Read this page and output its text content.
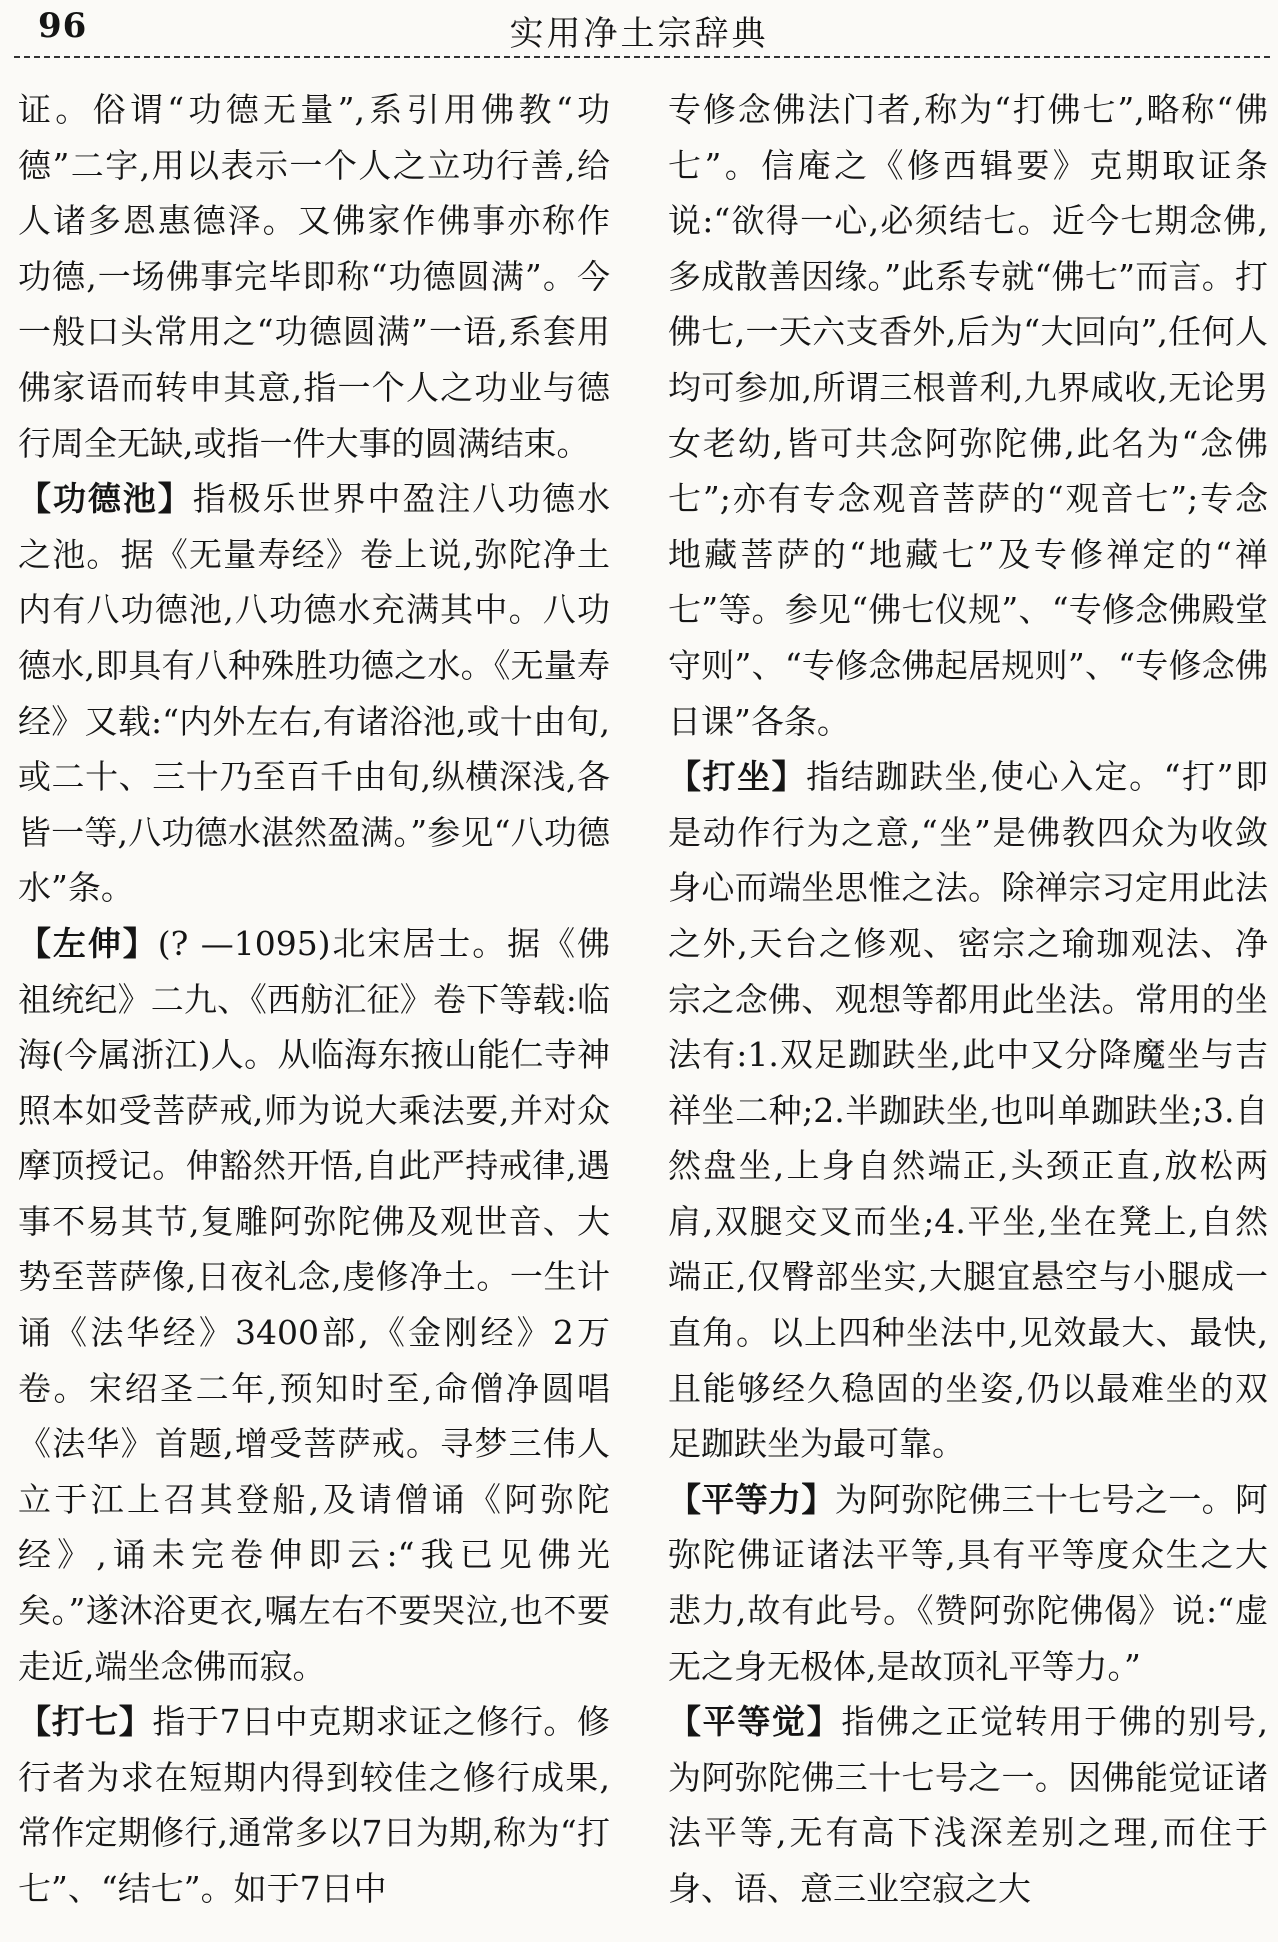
96	实用净土宗辞典

证。俗谓“功德无量”,系引用佛教“功德”二字,用以表示一个人之立功行善,给人诸多恩惠德泽。又佛家作佛事亦称作功德,一场佛事完毕即称“功德圆满”。今一般口头常用之“功德圆满”一语,系套用佛家语而转申其意,指一个人之功业与德行周全无缺,或指一件大事的圆满结束。

【功德池】指极乐世界中盈注八功德水之池。据《无量寿经》卷上说,弥陀净土内有八功德池,八功德水充满其中。八功德水,即具有八种殊胜功德之水。《无量寿经》又载:“内外左右,有诸浴池,或十由旬,或二十、三十乃至百千由旬,纵横深浅,各皆一等,八功德水湛然盈满。”参见“八功德水”条。

【左伸】(? —1095)北宋居士。据《佛祖统纪》二九、《西舫汇征》卷下等载:临海(今属浙江)人。从临海东掖山能仁寺神照本如受菩萨戒,师为说大乘法要,并对众摩顶授记。伸豁然开悟,自此严持戒律,遇事不易其节,复雕阿弥陀佛及观世音、大势至菩萨像,日夜礼念,虔修净土。一生计诵《法华经》3400部,《金刚经》2万卷。宋绍圣二年,预知时至,命僧净圆唱《法华》首题,增受菩萨戒。寻梦三伟人立于江上召其登船,及请僧诵《阿弥陀经》,诵未完卷伸即云:“我已见佛光矣。”遂沐浴更衣,嘱左右不要哭泣,也不要走近,端坐念佛而寂。

【打七】指于7日中克期求证之修行。修行者为求在短期内得到较佳之修行成果,常作定期修行,通常多以7日为期,称为“打七”、“结七”。如于7日中

专修念佛法门者,称为“打佛七”,略称“佛七”。信庵之《修西辑要》克期取证条说:“欲得一心,必须结七。近今七期念佛,多成散善因缘。”此系专就“佛七”而言。打佛七,一天六支香外,后为“大回向”,任何人均可参加,所谓三根普利,九界咸收,无论男女老幼,皆可共念阿弥陀佛,此名为“念佛七”;亦有专念观音菩萨的“观音七”;专念地藏菩萨的“地藏七”及专修禅定的“禅七”等。参见“佛七仪规”、“专修念佛殿堂守则”、“专修念佛起居规则”、“专修念佛日课”各条。

【打坐】指结跏趺坐,使心入定。“打”即是动作行为之意,“坐”是佛教四众为收敛身心而端坐思惟之法。除禅宗习定用此法之外,天台之修观、密宗之瑜珈观法、净宗之念佛、观想等都用此坐法。常用的坐法有:1.双足跏趺坐,此中又分降魔坐与吉祥坐二种;2.半跏趺坐,也叫单跏趺坐;3.自然盘坐,上身自然端正,头颈正直,放松两肩,双腿交叉而坐;4.平坐,坐在凳上,自然端正,仅臀部坐实,大腿宜悬空与小腿成一直角。以上四种坐法中,见效最大、最快,且能够经久稳固的坐姿,仍以最难坐的双足跏趺坐为最可靠。

【平等力】为阿弥陀佛三十七号之一。阿弥陀佛证诸法平等,具有平等度众生之大悲力,故有此号。《赞阿弥陀佛偈》说:“虚无之身无极体,是故顶礼平等力。”

【平等觉】指佛之正觉转用于佛的别号,为阿弥陀佛三十七号之一。因佛能觉证诸法平等,无有高下浅深差别之理,而住于身、语、意三业空寂之大
